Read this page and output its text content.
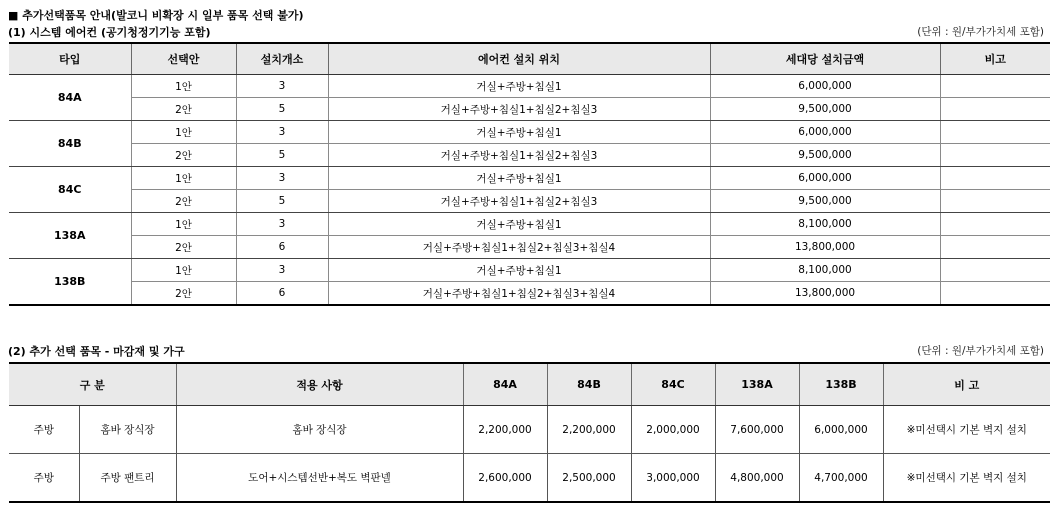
■ 추가선택품목 안내(발코니 비확장 시 일부 품목 선택 불가)
(1) 시스템 에어컨 (공기청정기기능 포함)	(단위 : 원/부가가치세 포함)
타입	선택안	설치개소	에어컨 설치 위치	세대당 설치금액	비고
84A	1안	3	거실+주방+침실1	6,000,000	
	2안	5	거실+주방+침실1+침실2+침실3	9,500,000	
84B	1안	3	거실+주방+침실1	6,000,000	
	2안	5	거실+주방+침실1+침실2+침실3	9,500,000	
84C	1안	3	거실+주방+침실1	6,000,000	
	2안	5	거실+주방+침실1+침실2+침실3	9,500,000	
138A	1안	3	거실+주방+침실1	8,100,000	
	2안	6	거실+주방+침실1+침실2+침실3+침실4	13,800,000	
138B	1안	3	거실+주방+침실1	8,100,000	
	2안	6	거실+주방+침실1+침실2+침실3+침실4	13,800,000	
(2) 추가 선택 품목 - 마감재 및 가구	(단위 : 원/부가가치세 포함)
구 분		적용 사항	84A	84B	84C	138A	138B	비 고
주방	홈바 장식장	홈바 장식장	2,200,000	2,200,000	2,000,000	7,600,000	6,000,000	※미선택시 기본 벽지 설치
주방	주방 팬트리	도어+시스템선반+복도 벽판넬	2,600,000	2,500,000	3,000,000	4,800,000	4,700,000	※미선택시 기본 벽지 설치
